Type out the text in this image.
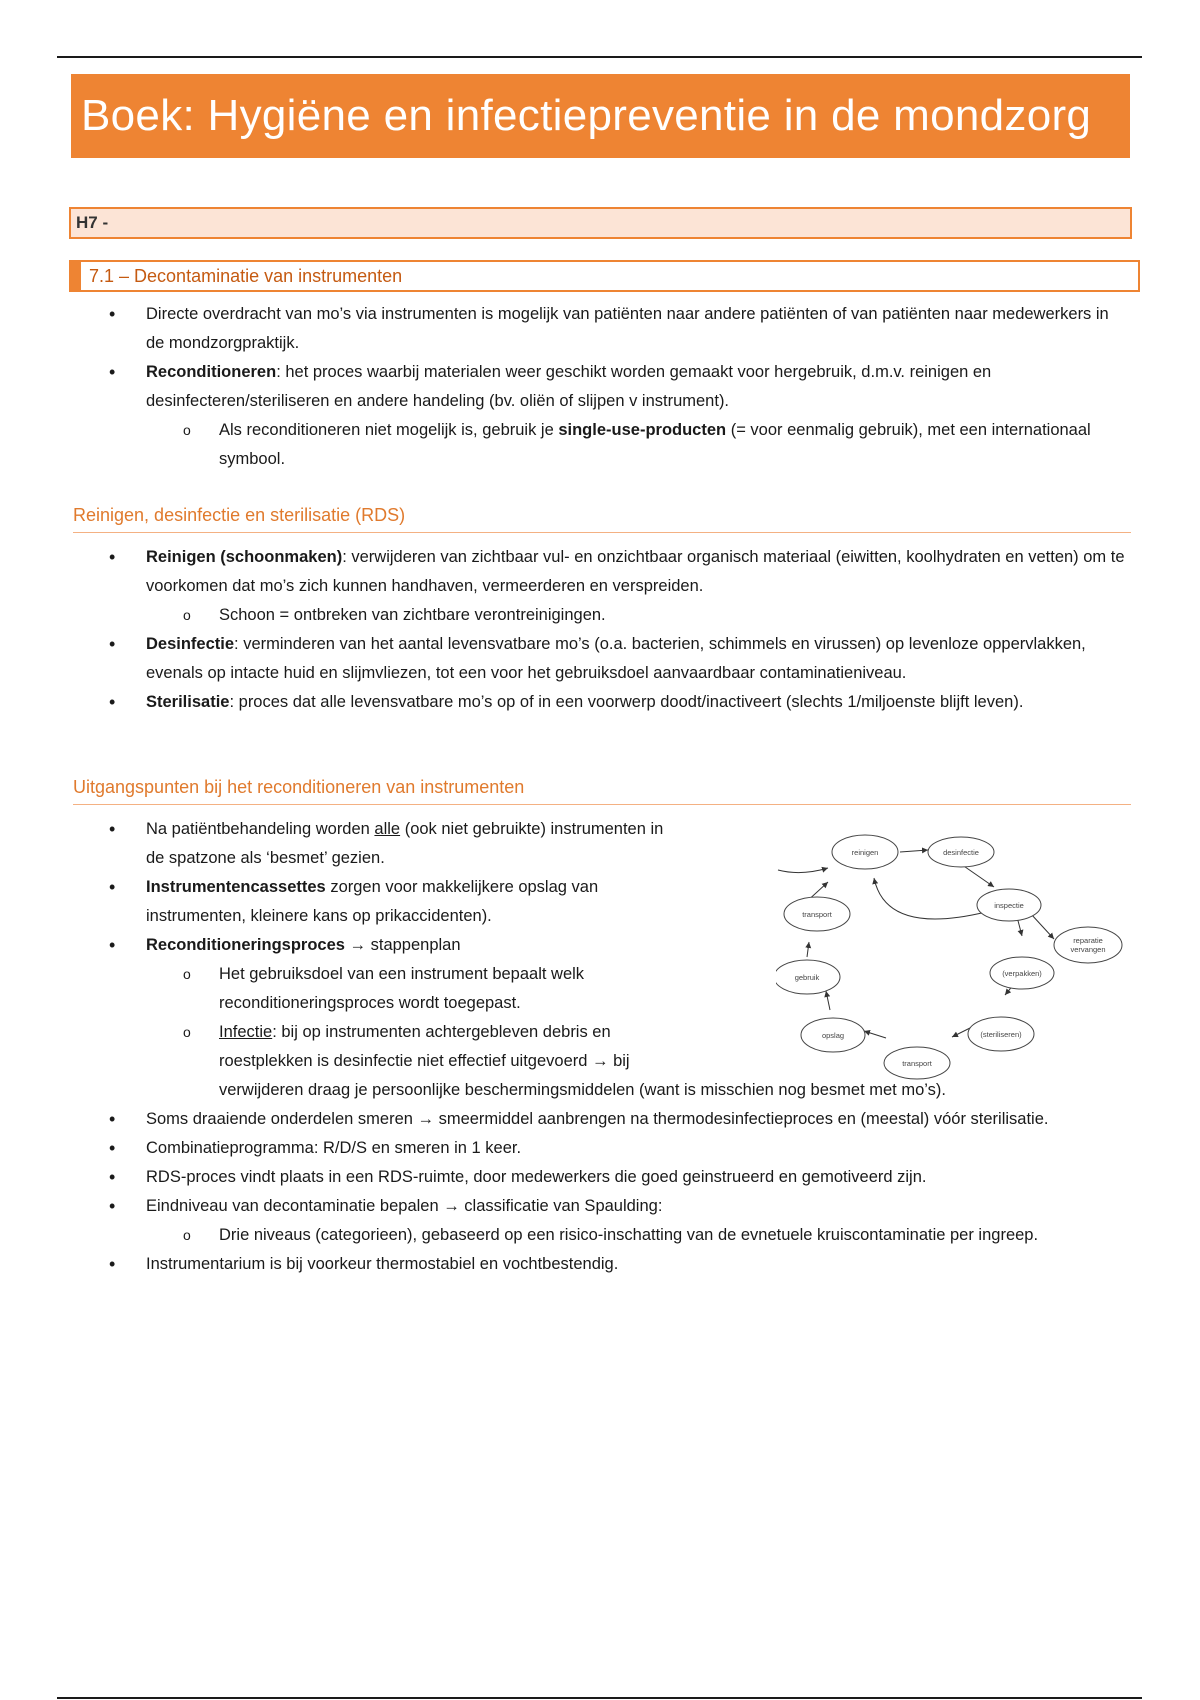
Boek: Hygiëne en infectiepreventie in de mondzorg
H7 -
7.1 – Decontaminatie van instrumenten
• Directe overdracht van mo’s via instrumenten is mogelijk van patiënten naar andere patiënten of van patiënten naar medewerkers in de mondzorgpraktijk.
• Reconditioneren: het proces waarbij materialen weer geschikt worden gemaakt voor hergebruik, d.m.v. reinigen en desinfecteren/steriliseren en andere handeling (bv. oliën of slijpen v instrument).
o Als reconditioneren niet mogelijk is, gebruik je single-use-producten (= voor eenmalig gebruik), met een internationaal symbool.
Reinigen, desinfectie en sterilisatie (RDS)
• Reinigen (schoonmaken): verwijderen van zichtbaar vul- en onzichtbaar organisch materiaal (eiwitten, koolhydraten en vetten) om te voorkomen dat mo’s zich kunnen handhaven, vermeerderen en verspreiden.
o Schoon = ontbreken van zichtbare verontreinigingen.
• Desinfectie: verminderen van het aantal levensvatbare mo’s (o.a. bacterien, schimmels en virussen) op levenloze oppervlakken, evenals op intacte huid en slijmvliezen, tot een voor het gebruiksdoel aanvaardbaar contaminatieniveau.
• Sterilisatie: proces dat alle levensvatbare mo’s op of in een voorwerp doodt/inactiveert (slechts 1/miljoenste blijft leven).
Uitgangspunten bij het reconditioneren van instrumenten
• Na patiëntbehandeling worden alle (ook niet gebruikte) instrumenten in
de spatzone als ‘besmet’ gezien.
• Instrumentencassettes zorgen voor makkelijkere opslag van
instrumenten, kleinere kans op prikaccidenten).
• Reconditioneringsproces → stappenplan
o Het gebruiksdoel van een instrument bepaalt welk
reconditioneringsproces wordt toegepast.
o Infectie: bij op instrumenten achtergebleven debris en
roestplekken is desinfectie niet effectief uitgevoerd → bij
verwijderen draag je persoonlijke beschermingsmiddelen (want is misschien nog besmet met mo’s).
• Soms draaiende onderdelen smeren → smeermiddel aanbrengen na thermodesinfectieproces en (meestal) vóór sterilisatie.
• Combinatieprogramma: R/D/S en smeren in 1 keer.
• RDS-proces vindt plaats in een RDS-ruimte, door medewerkers die goed geinstrueerd en gemotiveerd zijn.
• Eindniveau van decontaminatie bepalen → classificatie van Spaulding:
o Drie niveaus (categorieen), gebaseerd op een risico-inschatting van de evnetuele kruiscontaminatie per ingreep.
• Instrumentarium is bij voorkeur thermostabiel en vochtbestendig.
reinigen	desinfectie
inspectie
reparatie
vervangen
(verpakken)
(steriliseren)
transport
opslag
gebruik
transport
